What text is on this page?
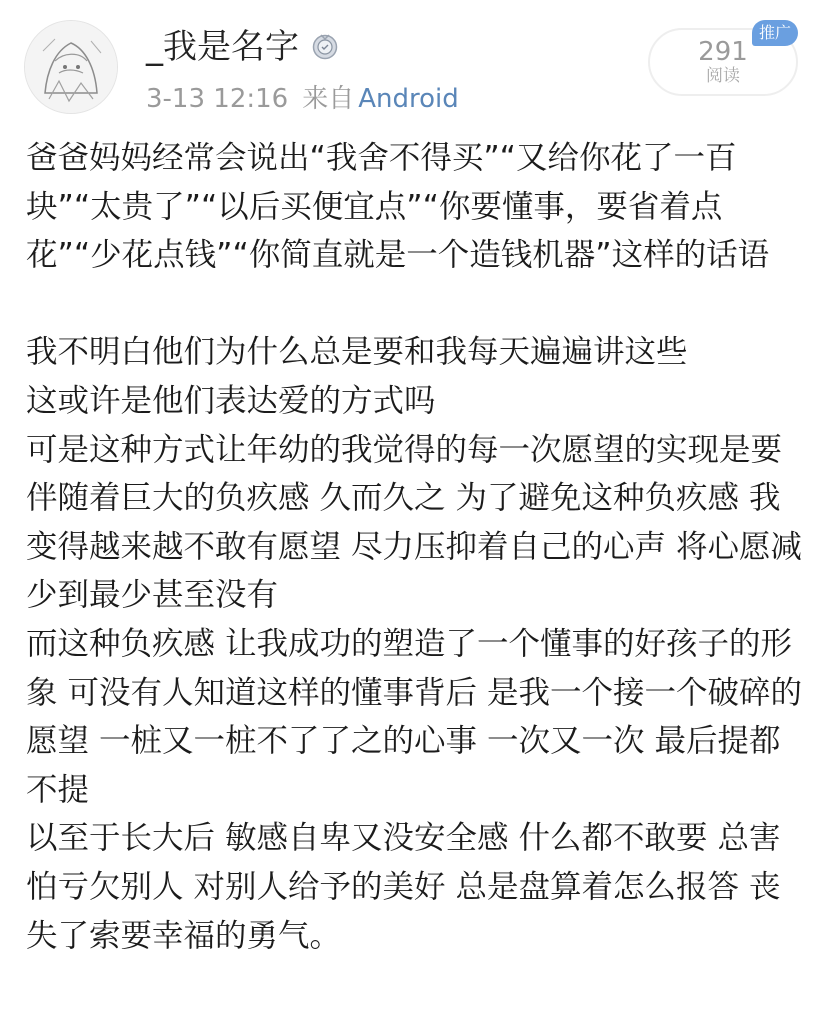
_我是名字
3-13 12:16 来自 Android
291
阅读
推广

爸爸妈妈经常会说出“我舍不得买”“又给你花了一百块”“太贵了”“以后买便宜点”“你要懂事，要省着点花”“少花点钱”“你简直就是一个造钱机器”这样的话语

我不明白他们为什么总是要和我每天遍遍讲这些

这或许是他们表达爱的方式吗

可是这种方式让年幼的我觉得的每一次愿望的实现是要伴随着巨大的负疚感 久而久之 为了避免这种负疚感 我变得越来越不敢有愿望 尽力压抑着自己的心声 将心愿减少到最少甚至没有

而这种负疚感 让我成功的塑造了一个懂事的好孩子的形象 可没有人知道这样的懂事背后 是我一个接一个破碎的愿望 一桩又一桩不了了之的心事 一次又一次 最后提都不提

以至于长大后 敏感自卑又没安全感 什么都不敢要 总害怕亏欠别人 对别人给予的美好 总是盘算着怎么报答 丧失了索要幸福的勇气。
